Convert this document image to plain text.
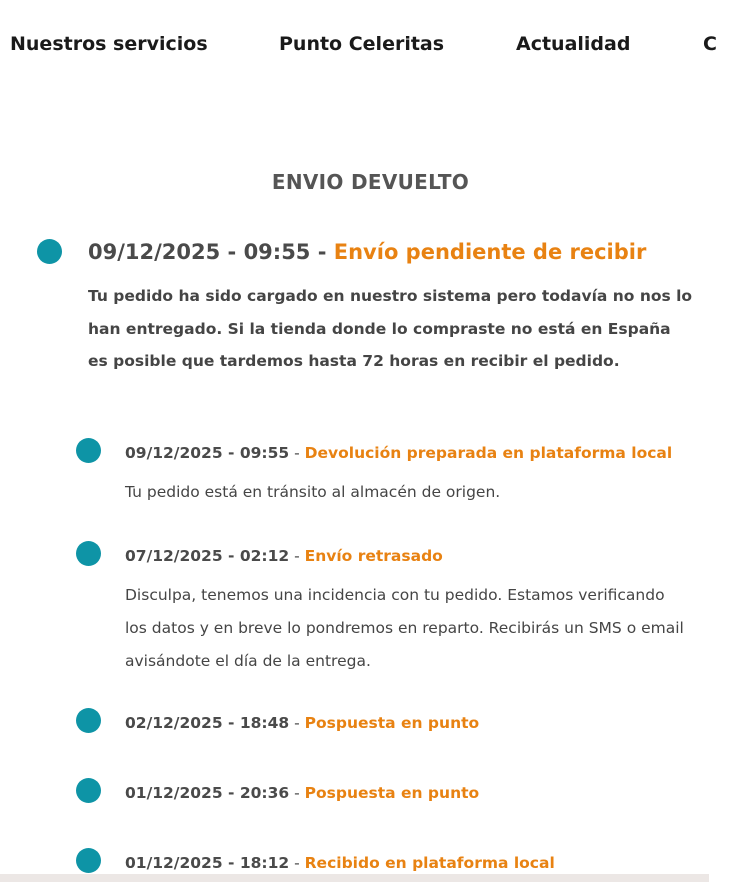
Nuestros servicios	Punto Celeritas	Actualidad	C
ENVIO DEVUELTO
09/12/2025 - 09:55 - Envío pendiente de recibir
Tu pedido ha sido cargado en nuestro sistema pero todavía no nos lo han entregado. Si la tienda donde lo compraste no está en España es posible que tardemos hasta 72 horas en recibir el pedido.
09/12/2025 - 09:55 - Devolución preparada en plataforma local
Tu pedido está en tránsito al almacén de origen.
07/12/2025 - 02:12 - Envío retrasado
Disculpa, tenemos una incidencia con tu pedido. Estamos verificando los datos y en breve lo pondremos en reparto. Recibirás un SMS o email avisándote el día de la entrega.
02/12/2025 - 18:48 - Pospuesta en punto
01/12/2025 - 20:36 - Pospuesta en punto
01/12/2025 - 18:12 - Recibido en plataforma local
